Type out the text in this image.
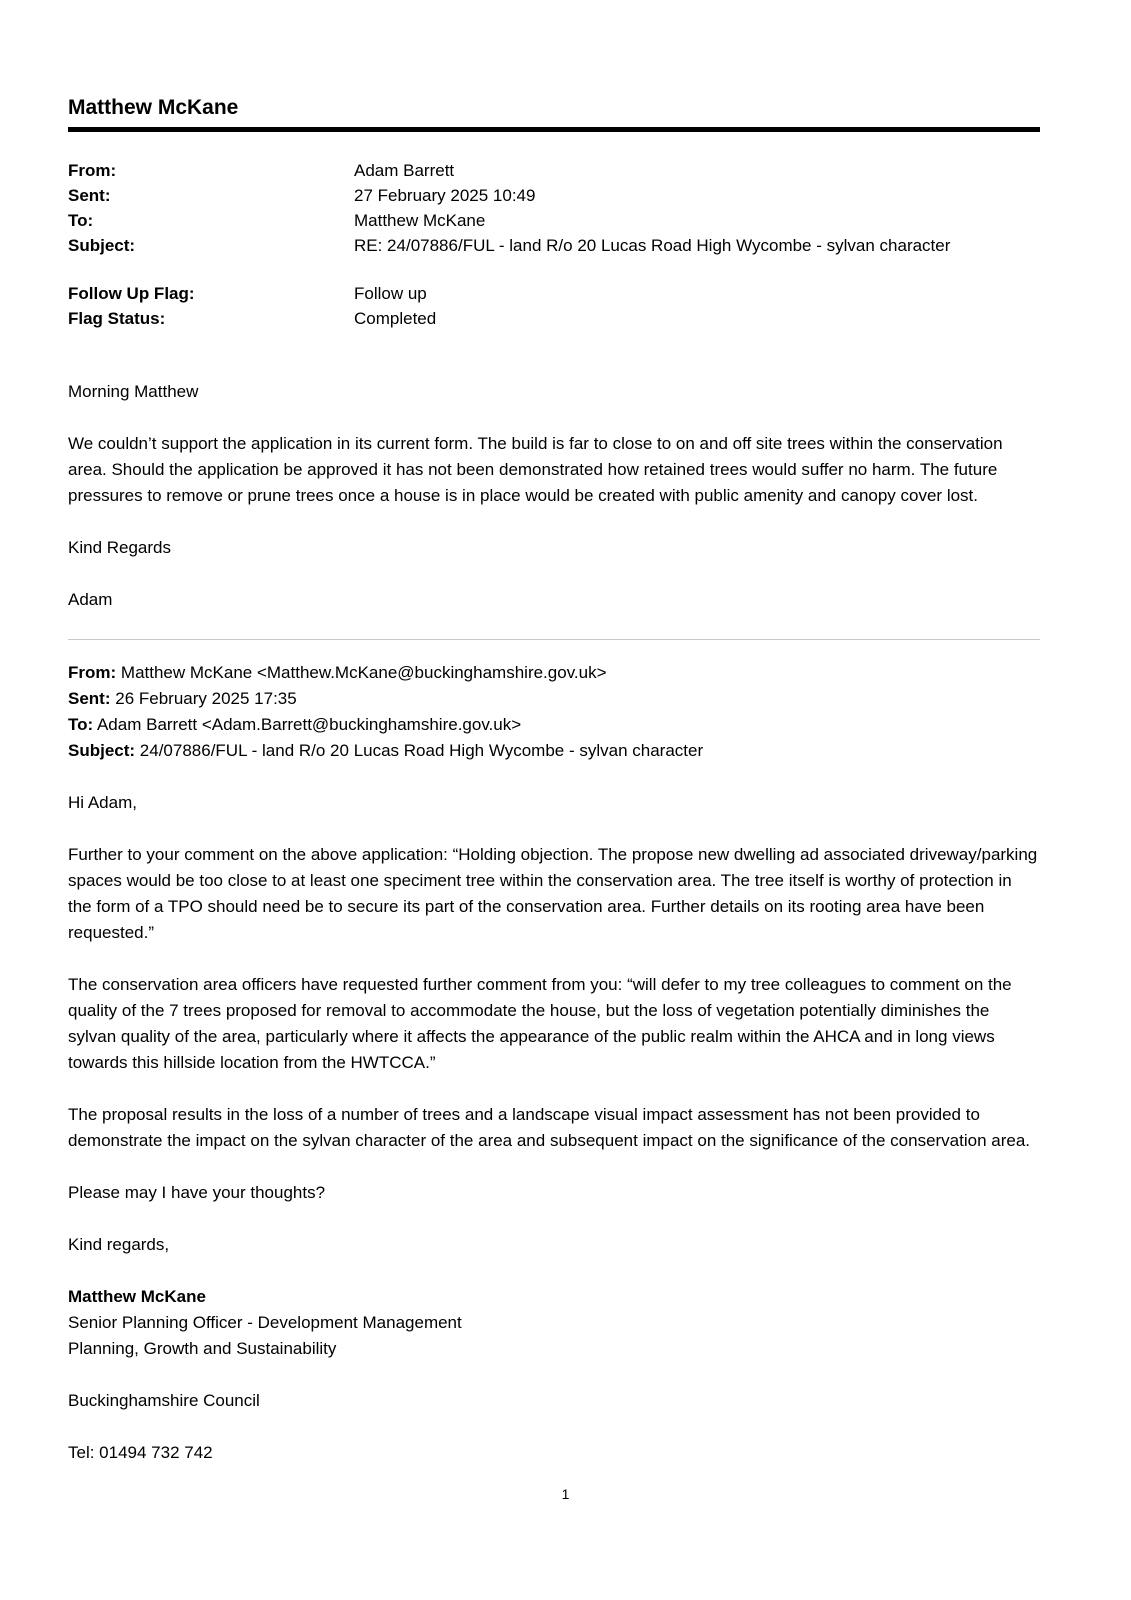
Matthew McKane
From:	Adam Barrett
Sent:	27 February 2025 10:49
To:	Matthew McKane
Subject:	RE: 24/07886/FUL - land R/o 20 Lucas Road High Wycombe - sylvan character
Follow Up Flag:	Follow up
Flag Status:	Completed

Morning Matthew

We couldn’t support the application in its current form. The build is far to close to on and off site trees within the conservation area. Should the application be approved it has not been demonstrated how retained trees would suffer no harm. The future pressures to remove or prune trees once a house is in place would be created with public amenity and canopy cover lost.

Kind Regards

Adam

From: Matthew McKane <Matthew.McKane@buckinghamshire.gov.uk>
Sent: 26 February 2025 17:35
To: Adam Barrett <Adam.Barrett@buckinghamshire.gov.uk>
Subject: 24/07886/FUL - land R/o 20 Lucas Road High Wycombe - sylvan character

Hi Adam,

Further to your comment on the above application: “Holding objection. The propose new dwelling ad associated driveway/parking spaces would be too close to at least one speciment tree within the conservation area. The tree itself is worthy of protection in the form of a TPO should need be to secure its part of the conservation area. Further details on its rooting area have been requested.”

The conservation area officers have requested further comment from you: “will defer to my tree colleagues to comment on the quality of the 7 trees proposed for removal to accommodate the house, but the loss of vegetation potentially diminishes the sylvan quality of the area, particularly where it affects the appearance of the public realm within the AHCA and in long views towards this hillside location from the HWTCCA.”

The proposal results in the loss of a number of trees and a landscape visual impact assessment has not been provided to demonstrate the impact on the sylvan character of the area and subsequent impact on the significance of the conservation area.

Please may I have your thoughts?

Kind regards,

Matthew McKane
Senior Planning Officer - Development Management
Planning, Growth and Sustainability
Buckinghamshire Council
Tel: 01494 732 742
1
